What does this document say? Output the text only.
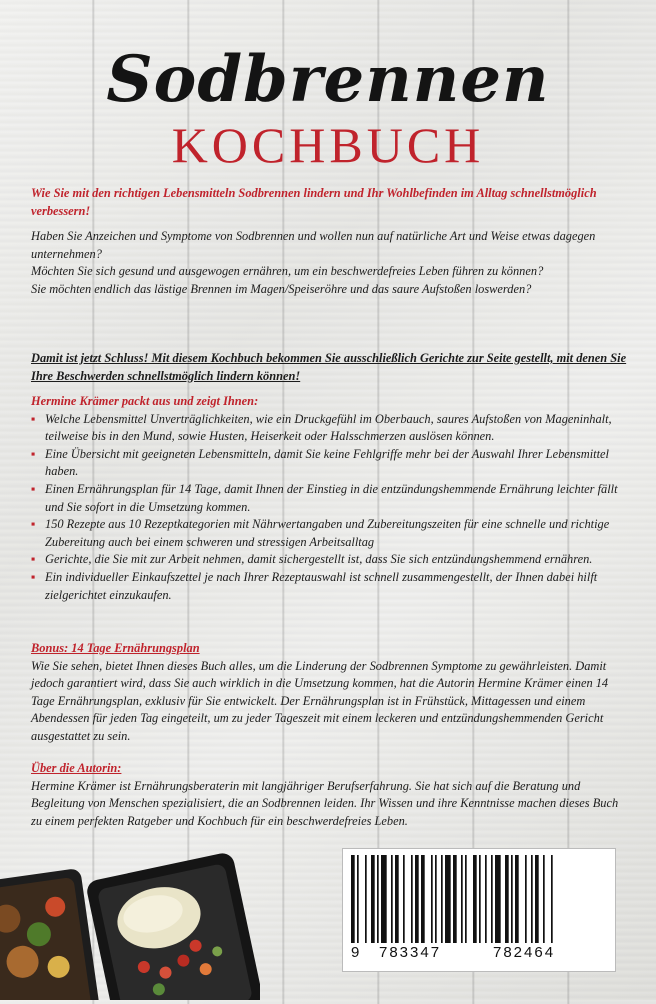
Sodbrennen
KOCHBUCH
Wie Sie mit den richtigen Lebensmitteln Sodbrennen lindern und Ihr Wohlbefinden im Alltag schnellstmöglich verbessern!
Haben Sie Anzeichen und Symptome von Sodbrennen und wollen nun auf natürliche Art und Weise etwas dagegen unternehmen?
Möchten Sie sich gesund und ausgewogen ernähren, um ein beschwerdefreies Leben führen zu können?
Sie möchten endlich das lästige Brennen im Magen/Speiseröhre und das saure Aufstoßen loswerden?
Damit ist jetzt Schluss! Mit diesem Kochbuch bekommen Sie ausschließlich Gerichte zur Seite gestellt, mit denen Sie Ihre Beschwerden schnellstmöglich lindern können!

Hermine Krämer packt aus und zeigt Ihnen:

▪ Welche Lebensmittel Unverträglichkeiten, wie ein Druckgefühl im Oberbauch, saures Aufstoßen von Mageninhalt, teilweise bis in den Mund, sowie Husten, Heiserkeit oder Halsschmerzen auslösen können.
▪ Eine Übersicht mit geeigneten Lebensmitteln, damit Sie keine Fehlgriffe mehr bei der Auswahl Ihrer Lebensmittel haben.
▪ Einen Ernährungsplan für 14 Tage, damit Ihnen der Einstieg in die entzündungshemmende Ernährung leichter fällt und Sie sofort in die Umsetzung kommen.
▪ 150 Rezepte aus 10 Rezeptkategorien mit Nährwertangaben und Zubereitungszeiten für eine schnelle und richtige Zubereitung auch bei einem schweren und stressigen Arbeitsalltag
▪ Gerichte, die Sie mit zur Arbeit nehmen, damit sichergestellt ist, dass Sie sich entzündungshemmend ernähren.
▪ Ein individueller Einkaufszettel je nach Ihrer Rezeptauswahl ist schnell zusammengestellt, der Ihnen dabei hilft zielgerichtet einzukaufen.

Bonus: 14 Tage Ernährungsplan

Wie Sie sehen, bietet Ihnen dieses Buch alles, um die Linderung der Sodbrennen Symptome zu gewährleisten. Damit jedoch garantiert wird, dass Sie auch wirklich in die Umsetzung kommen, hat die Autorin Hermine Krämer einen 14 Tage Ernährungsplan, exklusiv für Sie entwickelt. Der Ernährungsplan ist in Frühstück, Mittagessen und einem Abendessen für jeden Tag eingeteilt, um zu jeder Tageszeit mit einem leckeren und entzündungshemmenden Gericht ausgestattet zu sein.

Über die Autorin:

Hermine Krämer ist Ernährungsberaterin mit langjähriger Berufserfahrung. Sie hat sich auf die Beratung und Begleitung von Menschen spezialisiert, die an Sodbrennen leiden. Ihr Wissen und ihre Kenntnisse machen dieses Buch zu einem perfekten Ratgeber und Kochbuch für ein beschwerdefreies Leben.

9 783347	782464
